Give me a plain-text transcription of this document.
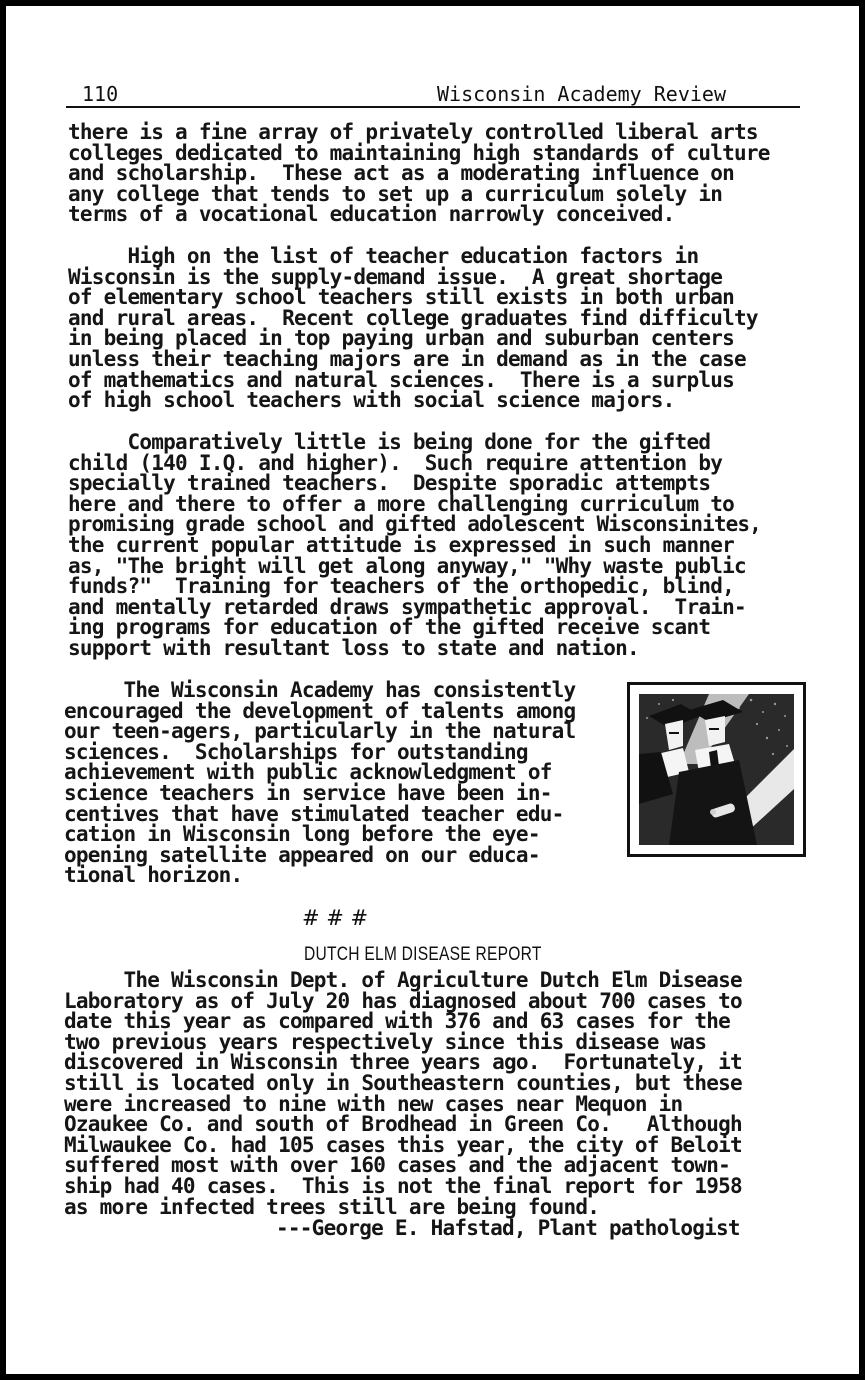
110	Wisconsin Academy Review
there is a fine array of privately controlled liberal arts
colleges dedicated to maintaining high standards of culture
and scholarship.  These act as a moderating influence on
any college that tends to set up a curriculum solely in
terms of a vocational education narrowly conceived.
High on the list of teacher education factors in
Wisconsin is the supply-demand issue.  A great shortage
of elementary school teachers still exists in both urban
and rural areas.  Recent college graduates find difficulty
in being placed in top paying urban and suburban centers
unless their teaching majors are in demand as in the case
of mathematics and natural sciences.  There is a surplus
of high school teachers with social science majors.
Comparatively little is being done for the gifted
child (140 I.Q. and higher).  Such require attention by
specially trained teachers.  Despite sporadic attempts
here and there to offer a more challenging curriculum to
promising grade school and gifted adolescent Wisconsinites,
the current popular attitude is expressed in such manner
as, "The bright will get along anyway," "Why waste public
funds?"  Training for teachers of the orthopedic, blind,
and mentally retarded draws sympathetic approval.  Train-
ing programs for education of the gifted receive scant
support with resultant loss to state and nation.
The Wisconsin Academy has consistently
encouraged the development of talents among
our teen-agers, particularly in the natural
sciences.  Scholarships for outstanding
achievement with public acknowledgment of
science teachers in service have been in-
centives that have stimulated teacher edu-
cation in Wisconsin long before the eye-
opening satellite appeared on our educa-
tional horizon.
# # #
DUTCH ELM DISEASE REPORT
The Wisconsin Dept. of Agriculture Dutch Elm Disease
Laboratory as of July 20 has diagnosed about 700 cases to
date this year as compared with 376 and 63 cases for the
two previous years respectively since this disease was
discovered in Wisconsin three years ago.  Fortunately, it
still is located only in Southeastern counties, but these
were increased to nine with new cases near Mequon in
Ozaukee Co. and south of Brodhead in Green Co.   Although
Milwaukee Co. had 105 cases this year, the city of Beloit
suffered most with over 160 cases and the adjacent town-
ship had 40 cases.  This is not the final report for 1958
as more infected trees still are being found.
---George E. Hafstad, Plant pathologist
